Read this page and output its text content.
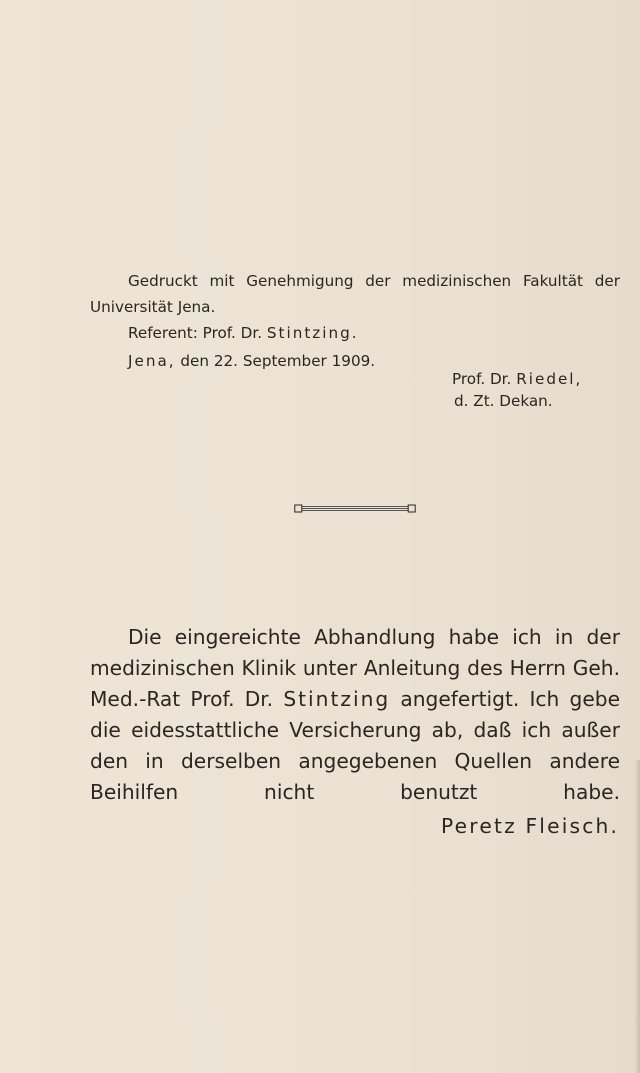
Gedruckt mit Genehmigung der medizinischen Fakultät der Universität Jena.
Referent: Prof. Dr. Stintzing.
Jena, den 22. September 1909.
Prof. Dr. Riedel,
d. Zt. Dekan.
Die eingereichte Abhandlung habe ich in der medizinischen Klinik unter Anleitung des Herrn Geh. Med.-Rat Prof. Dr. Stintzing angefertigt. Ich gebe die eidesstattliche Versicherung ab, daß ich außer den in derselben angegebenen Quellen andere Beihilfen nicht benutzt habe.
Peretz Fleisch.
